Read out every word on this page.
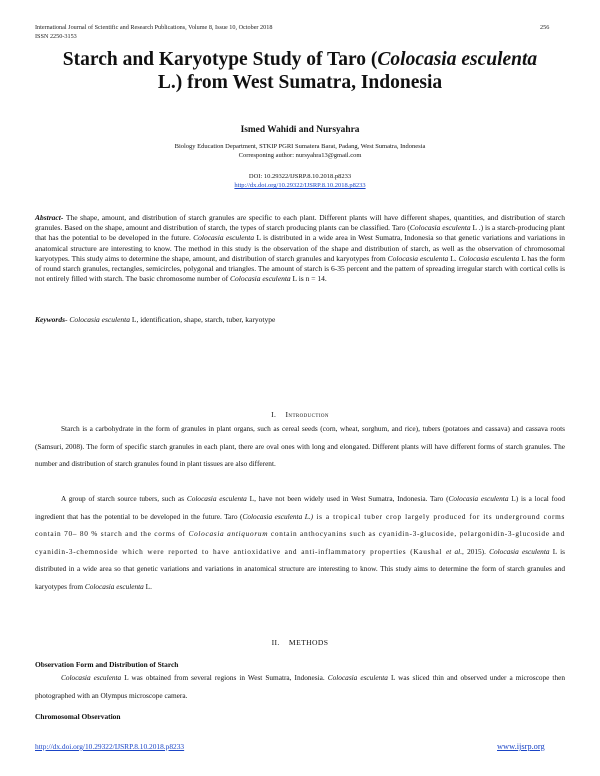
International Journal of Scientific and Research Publications, Volume 8, Issue 10, October 2018
ISSN 2250-3153
256
Starch and Karyotype Study of Taro (Colocasia esculenta
L.) from West Sumatra, Indonesia
Ismed Wahidi and Nursyahra
Biology Education Department, STKIP PGRI Sumatera Barat, Padang, West Sumatra, Indonesia
Corresponing author: nursyahra13@gmail.com
DOI: 10.29322/IJSRP.8.10.2018.p8233
http://dx.doi.org/10.29322/IJSRP.8.10.2018.p8233
Abstract- The shape, amount, and distribution of starch granules are specific to each plant. Different plants will have different shapes, quantities, and distribution of starch granules. Based on the shape, amount and distribution of starch, the types of starch producing plants can be classified. Taro (Colocasia esculenta L .) is a starch-producing plant that has the potential to be developed in the future. Colocasia esculenta L is distributed in a wide area in West Sumatra, Indonesia so that genetic variations and variations in anatomical structure are interesting to know. The method in this study is the observation of the shape and distribution of starch, as well as the observation of chromosomal karyotypes. This study aims to determine the shape, amount, and distribution of starch granules and karyotypes from Colocasia esculenta L. Colocasia esculenta L has the form of round starch granules, rectangles, semicircles, polygonal and triangles. The amount of starch is 6-35 percent and the pattern of spreading irregular starch with cortical cells is not entirely filled with starch. The basic chromosome number of Colocasia esculenta L is n = 14.
Keywords- Colocasia esculenta L, identification, shape, starch, tuber, karyotype
I. Introduction
Starch is a carbohydrate in the form of granules in plant organs, such as cereal seeds (corn, wheat, sorghum, and rice), tubers (potatoes and cassava) and cassava roots (Samsuri, 2008). The form of specific starch granules in each plant, there are oval ones with long and elongated. Different plants will have different forms of starch granules. The number and distribution of starch granules found in plant tissues are also different.
A group of starch source tubers, such as Colocasia esculenta L, have not been widely used in West Sumatra, Indonesia. Taro (Colocasia esculenta L) is a local food ingredient that has the potential to be developed in the future. Taro (Colocasia esculenta L.) is a tropical tuber crop largely produced for its underground corms contain 70– 80 % starch and the corms of Colocasia antiquorum contain anthocyanins such as cyanidin-3-glucoside, pelargonidin-3-glucoside and cyanidin-3-chemnoside which were reported to have antioxidative and anti-inflammatory properties (Kaushal et al., 2015). Colocasia esculenta L is distributed in a wide area so that genetic variations and variations in anatomical structure are interesting to know. This study aims to determine the form of starch granules and karyotypes from Colocasia esculenta L.
II. METHODS
Observation Form and Distribution of Starch
Colocasia esculenta L was obtained from several regions in West Sumatra, Indonesia. Colocasia esculenta L was sliced thin and observed under a microscope then photographed with an Olympus microscope camera.
Chromosomal Observation
http://dx.doi.org/10.29322/IJSRP.8.10.2018.p8233	www.ijsrp.org
